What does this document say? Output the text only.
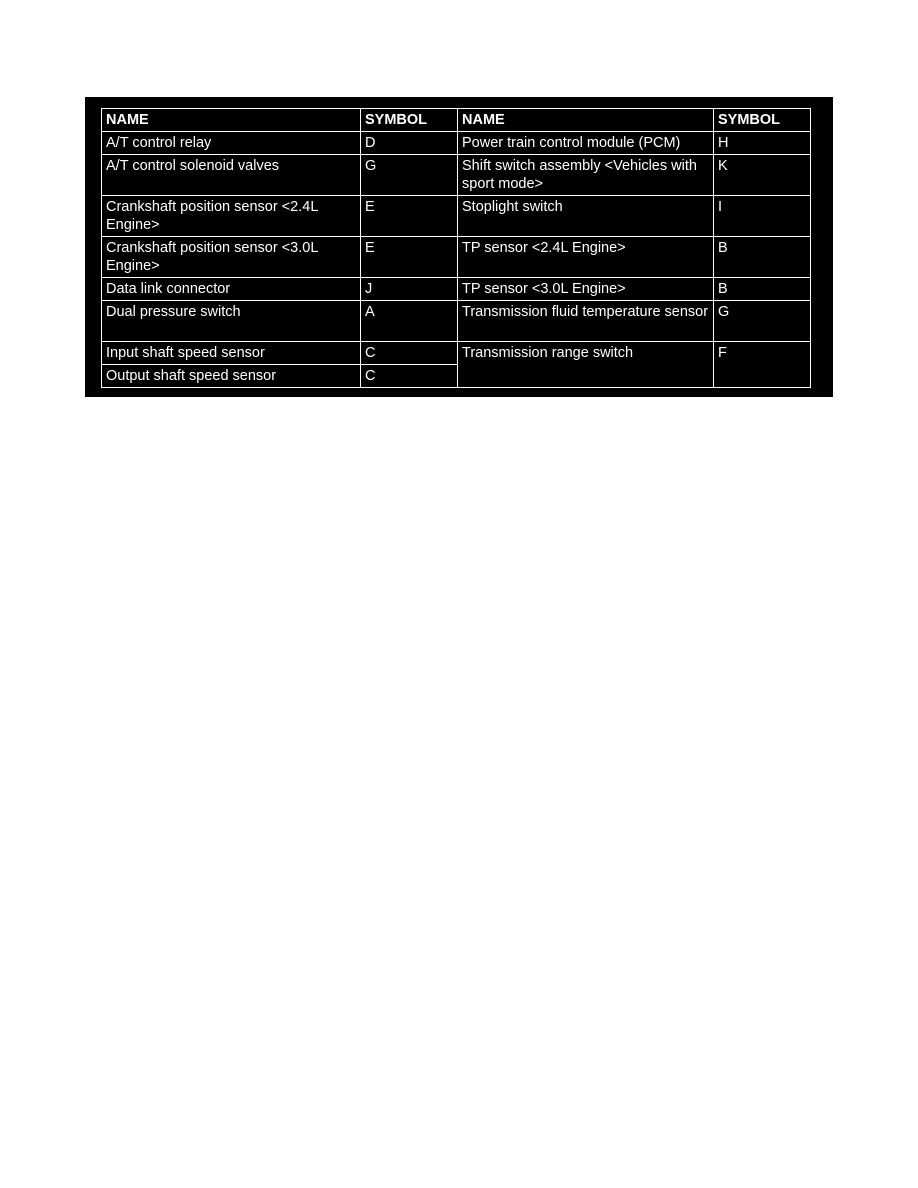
NAME	SYMBOL	NAME	SYMBOL
A/T control relay	D	Power train control module (PCM)	H
A/T control solenoid valves	G	Shift switch assembly <Vehicles with sport mode>	K
Crankshaft position sensor <2.4L Engine>	E	Stoplight switch	I
Crankshaft position sensor <3.0L Engine>	E	TP sensor <2.4L Engine>	B
Data link connector	J	TP sensor <3.0L Engine>	B
Dual pressure switch	A	Transmission fluid temperature sensor	G
Input shaft speed sensor	C	Transmission range switch	F
Output shaft speed sensor	C		
